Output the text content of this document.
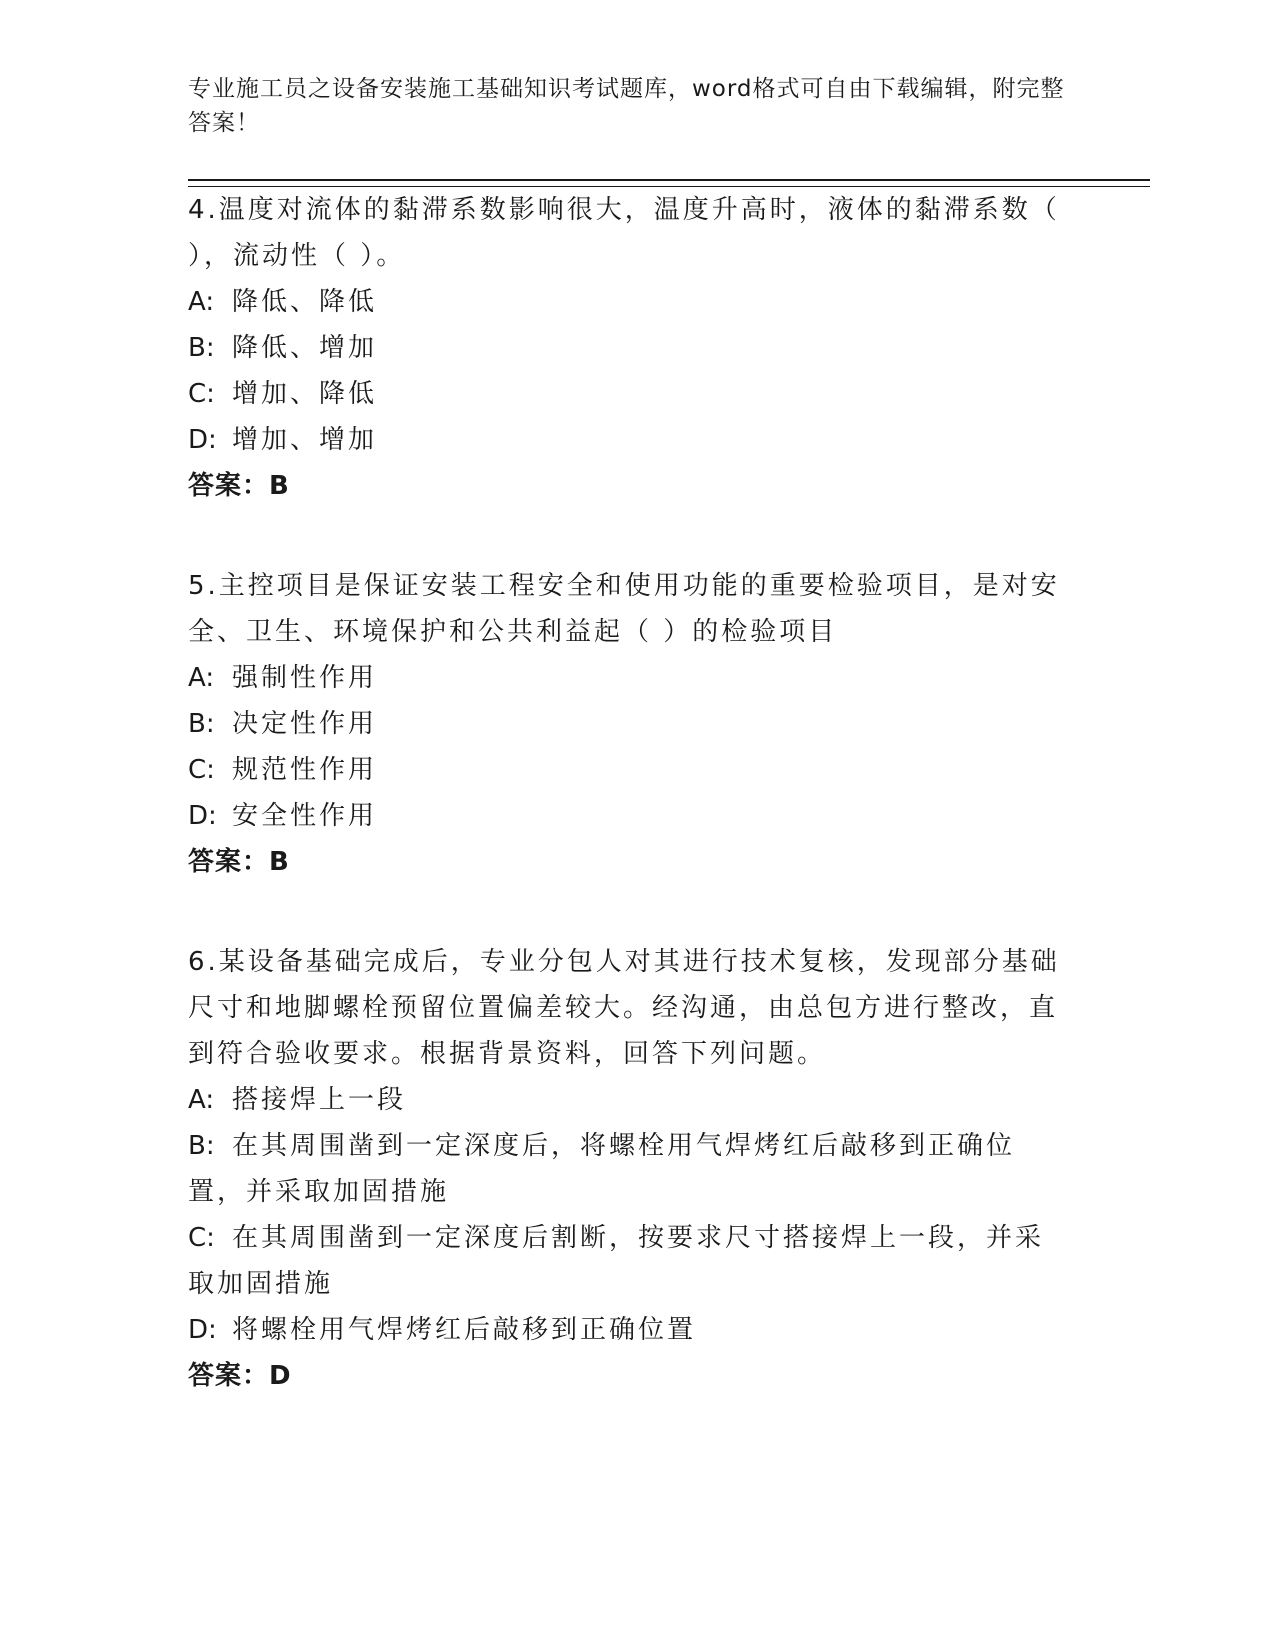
专业施工员之设备安装施工基础知识考试题库，word格式可自由下载编辑，附完整答案！

4.温度对流体的黏滞系数影响很大，温度升高时，液体的黏滞系数（ ），流动性（ ）。

A: 降低、降低
B: 降低、增加
C: 增加、降低
D: 增加、增加
答案：B

5.主控项目是保证安装工程安全和使用功能的重要检验项目，是对安全、卫生、环境保护和公共利益起（ ）的检验项目

A: 强制性作用
B: 决定性作用
C: 规范性作用
D: 安全性作用
答案：B

6.某设备基础完成后，专业分包人对其进行技术复核，发现部分基础尺寸和地脚螺栓预留位置偏差较大。经沟通，由总包方进行整改，直到符合验收要求。根据背景资料，回答下列问题。

A: 搭接焊上一段
B: 在其周围凿到一定深度后，将螺栓用气焊烤红后敲移到正确位置，并采取加固措施
C: 在其周围凿到一定深度后割断，按要求尺寸搭接焊上一段，并采取加固措施
D: 将螺栓用气焊烤红后敲移到正确位置
答案：D
